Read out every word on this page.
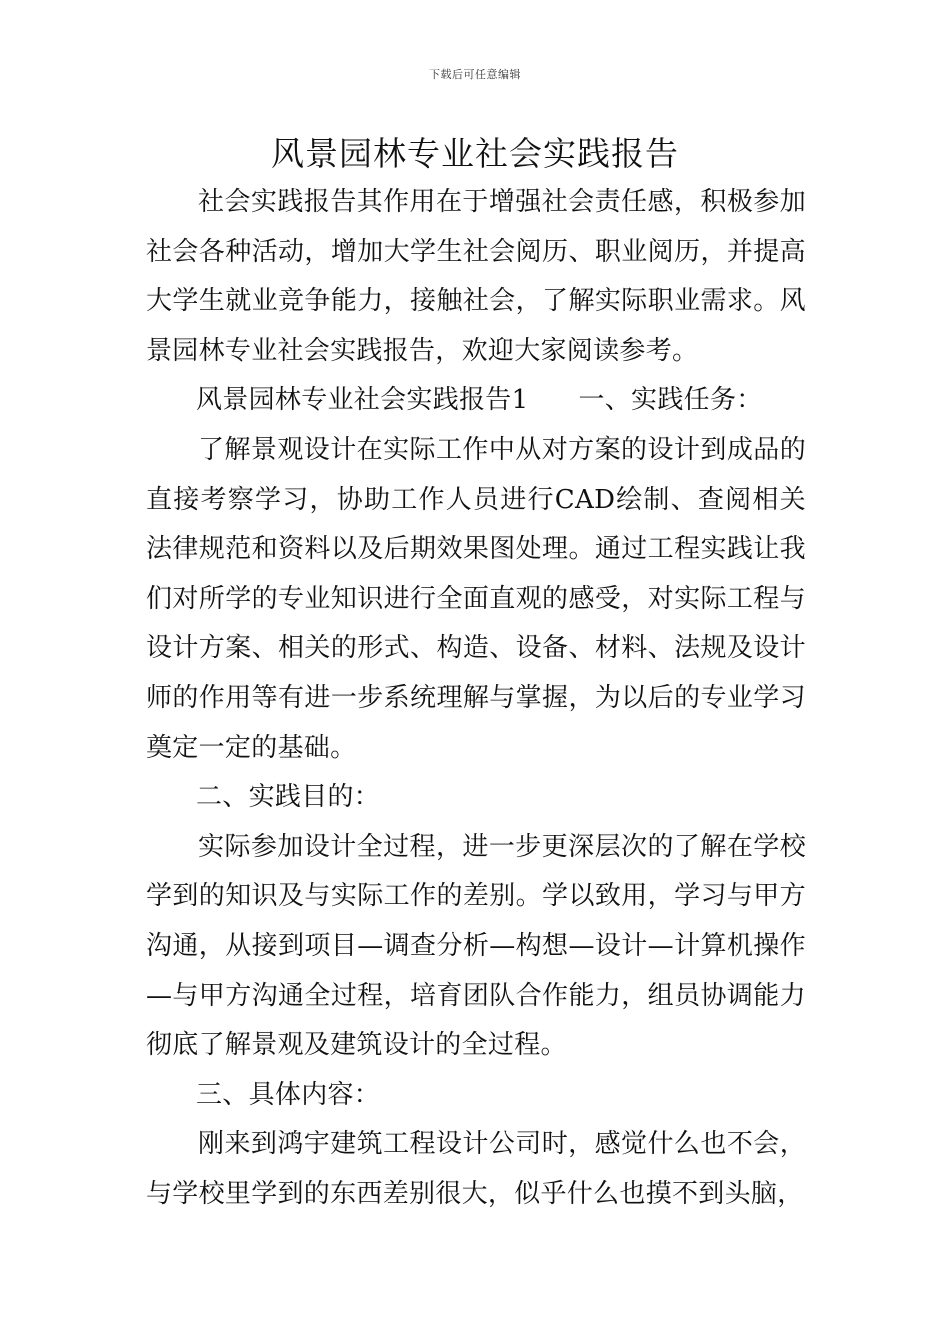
下载后可任意编辑
风景园林专业社会实践报告

社会实践报告其作用在于增强社会责任感，积极参加社会各种活动，增加大学生社会阅历、职业阅历，并提高大学生就业竞争能力，接触社会，了解实际职业需求。风景园林专业社会实践报告，欢迎大家阅读参考。

风景园林专业社会实践报告1 一、实践任务：

了解景观设计在实际工作中从对方案的设计到成品的直接考察学习，协助工作人员进行CAD绘制、查阅相关法律规范和资料以及后期效果图处理。通过工程实践让我们对所学的专业知识进行全面直观的感受，对实际工程与设计方案、相关的形式、构造、设备、材料、法规及设计师的作用等有进一步系统理解与掌握，为以后的专业学习奠定一定的基础。

二、实践目的：

实际参加设计全过程，进一步更深层次的了解在学校学到的知识及与实际工作的差别。学以致用，学习与甲方沟通，从接到项目—调查分析—构想—设计—计算机操作—与甲方沟通全过程，培育团队合作能力，组员协调能力彻底了解景观及建筑设计的全过程。

三、具体内容：

刚来到鸿宇建筑工程设计公司时，感觉什么也不会，与学校里学到的东西差别很大，似乎什么也摸不到头脑，
